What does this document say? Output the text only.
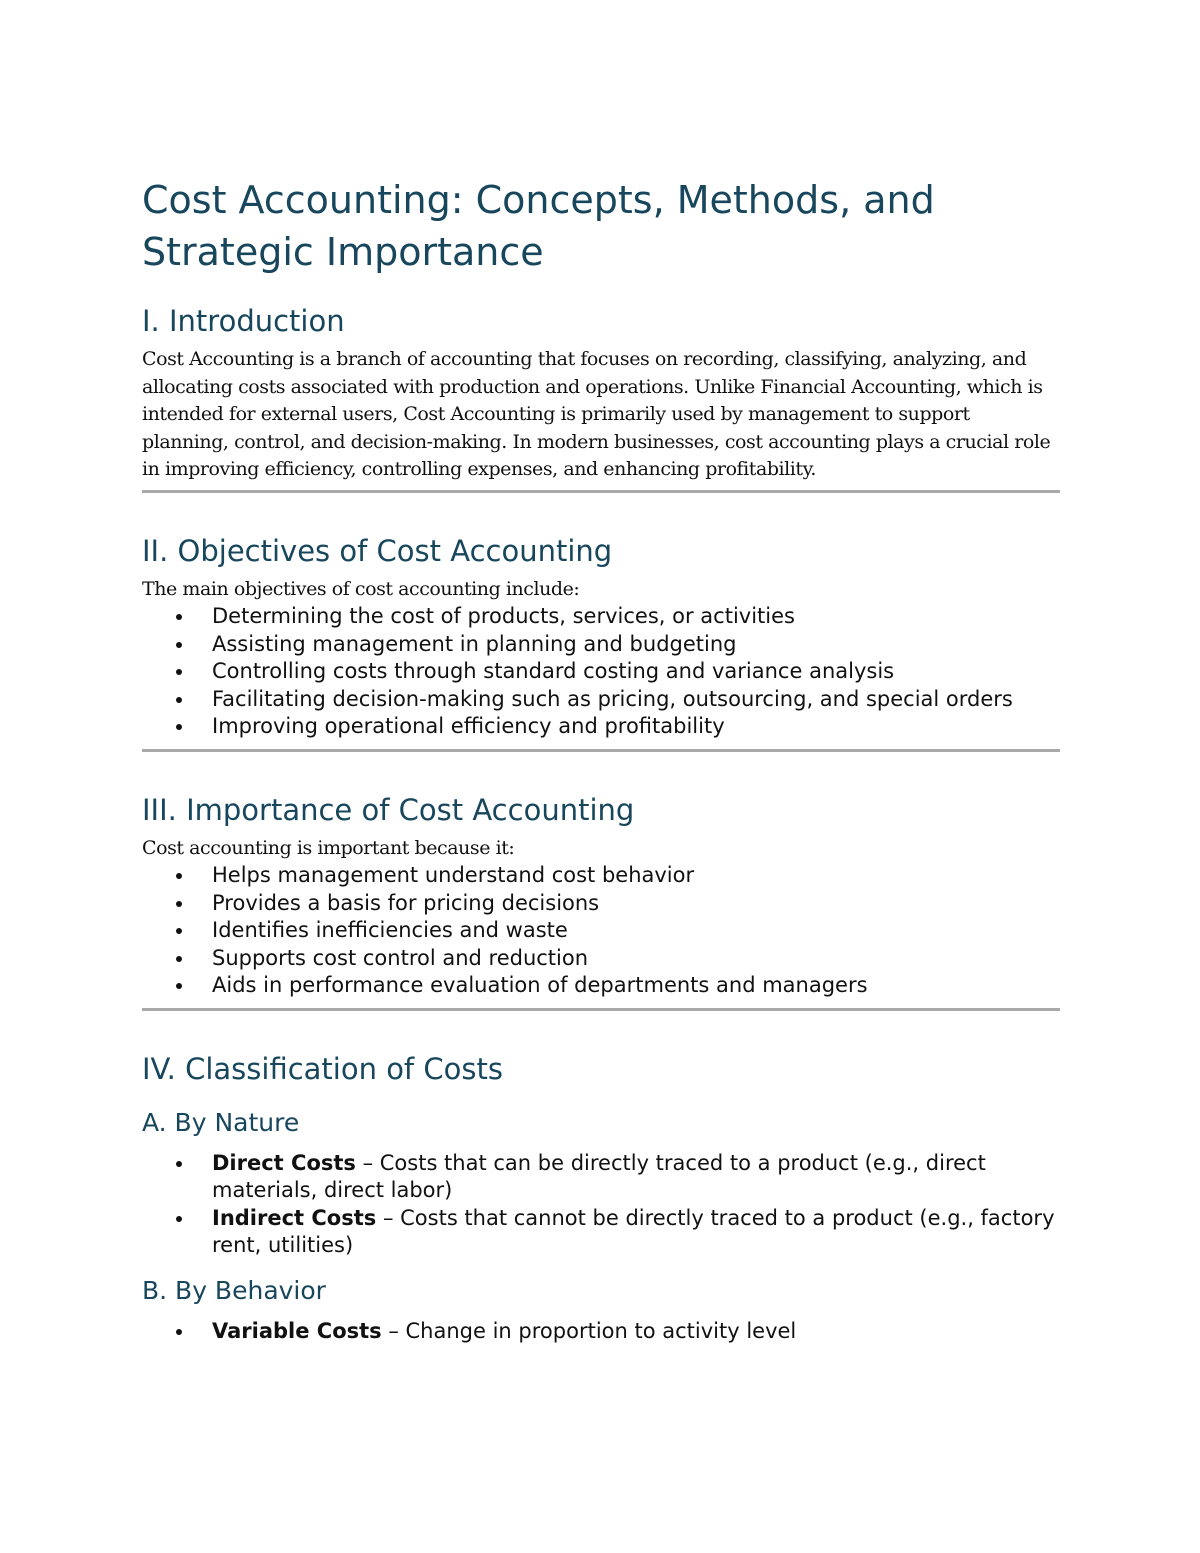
Cost Accounting: Concepts, Methods, and Strategic Importance
I. Introduction

Cost Accounting is a branch of accounting that focuses on recording, classifying, analyzing, and allocating costs associated with production and operations. Unlike Financial Accounting, which is intended for external users, Cost Accounting is primarily used by management to support planning, control, and decision-making. In modern businesses, cost accounting plays a crucial role in improving efficiency, controlling expenses, and enhancing profitability.

II. Objectives of Cost Accounting

The main objectives of cost accounting include:

Determining the cost of products, services, or activities
Assisting management in planning and budgeting
Controlling costs through standard costing and variance analysis
Facilitating decision-making such as pricing, outsourcing, and special orders
Improving operational efficiency and profitability
III. Importance of Cost Accounting

Cost accounting is important because it:

Helps management understand cost behavior
Provides a basis for pricing decisions
Identifies inefficiencies and waste
Supports cost control and reduction
Aids in performance evaluation of departments and managers
IV. Classification of Costs
A. By Nature
Direct Costs – Costs that can be directly traced to a product (e.g., direct materials, direct labor)
Indirect Costs – Costs that cannot be directly traced to a product (e.g., factory rent, utilities)
B. By Behavior
Variable Costs – Change in proportion to activity level
